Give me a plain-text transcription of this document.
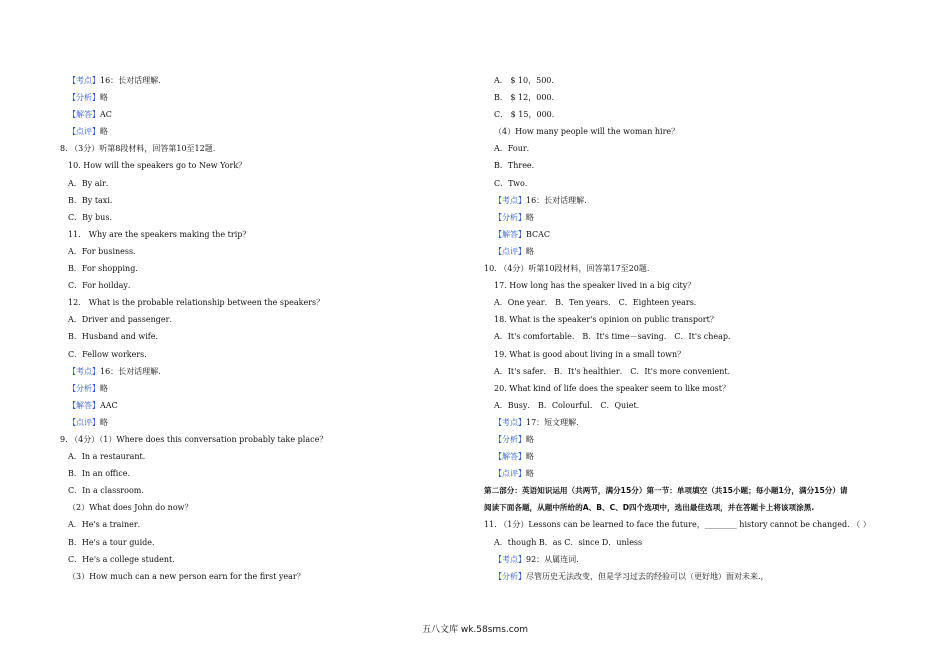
【考点】16：长对话理解.
【分析】略
【解答】AC
【点评】略
8. （3分）听第8段材料，回答第10至12题.
10. How will the speakers go to New York？
A．By air．
B．By taxi．
C．By bus．
11． Why are the speakers making the trip？
A．For business．
B．For shopping．
C．For hoilday．
12． What is the probable relationship between the speakers？
A．Driver and passenger．
B．Husband and wife．
C．Fellow workers．
【考点】16：长对话理解.
【分析】略
【解答】AAC
【点评】略
9. （4分）（1）Where does this conversation probably take place？
A．In a restaurant．
B．In an office．
C．In a classroom．
（2）What does John do now？
A．He's a trainer．
B．He's a tour guide．
C．He's a college student．
（3）How much can a new person earn for the first year？
A． $ 10，500．
B． $ 12，000．
C． $ 15，000．
（4）How many people will the woman hire？
A．Four．
B．Three．
C．Two．
【考点】16：长对话理解.
【分析】略
【解答】BCAC
【点评】略
10. （4分）听第10段材料，回答第17至20题.
17. How long has the speaker lived in a big city？
A．One year． B．Ten years． C．Eighteen years．
18. What is the speaker's opinion on public transport？
A．It's comfortable． B．It's time－saving． C．It's cheap．
19. What is good about living in a small town？
A．It's safer． B．It's healthier． C．It's more convenient．
20. What kind of life does the speaker seem to like most？
A．Busy． B．Colourful． C．Quiet．
【考点】17：短文理解.
【分析】略
【解答】略
【点评】略
第二部分：英语知识运用（共两节，满分15分）第一节：单项填空（共15小题；每小题1分，满分15分）请
阅读下面各题，从题中所给的A、B、C、D四个选项中，选出最佳选项，并在答题卡上将该项涂黑.
11. （1分）Lessons can be learned to face the future，________ history cannot be changed. （ ）
A．though B．as C．since D．unless
【考点】92：从属连词.
【分析】尽管历史无法改变，但是学习过去的经验可以（更好地）面对未来.，
五八文库 wk.58sms.com
